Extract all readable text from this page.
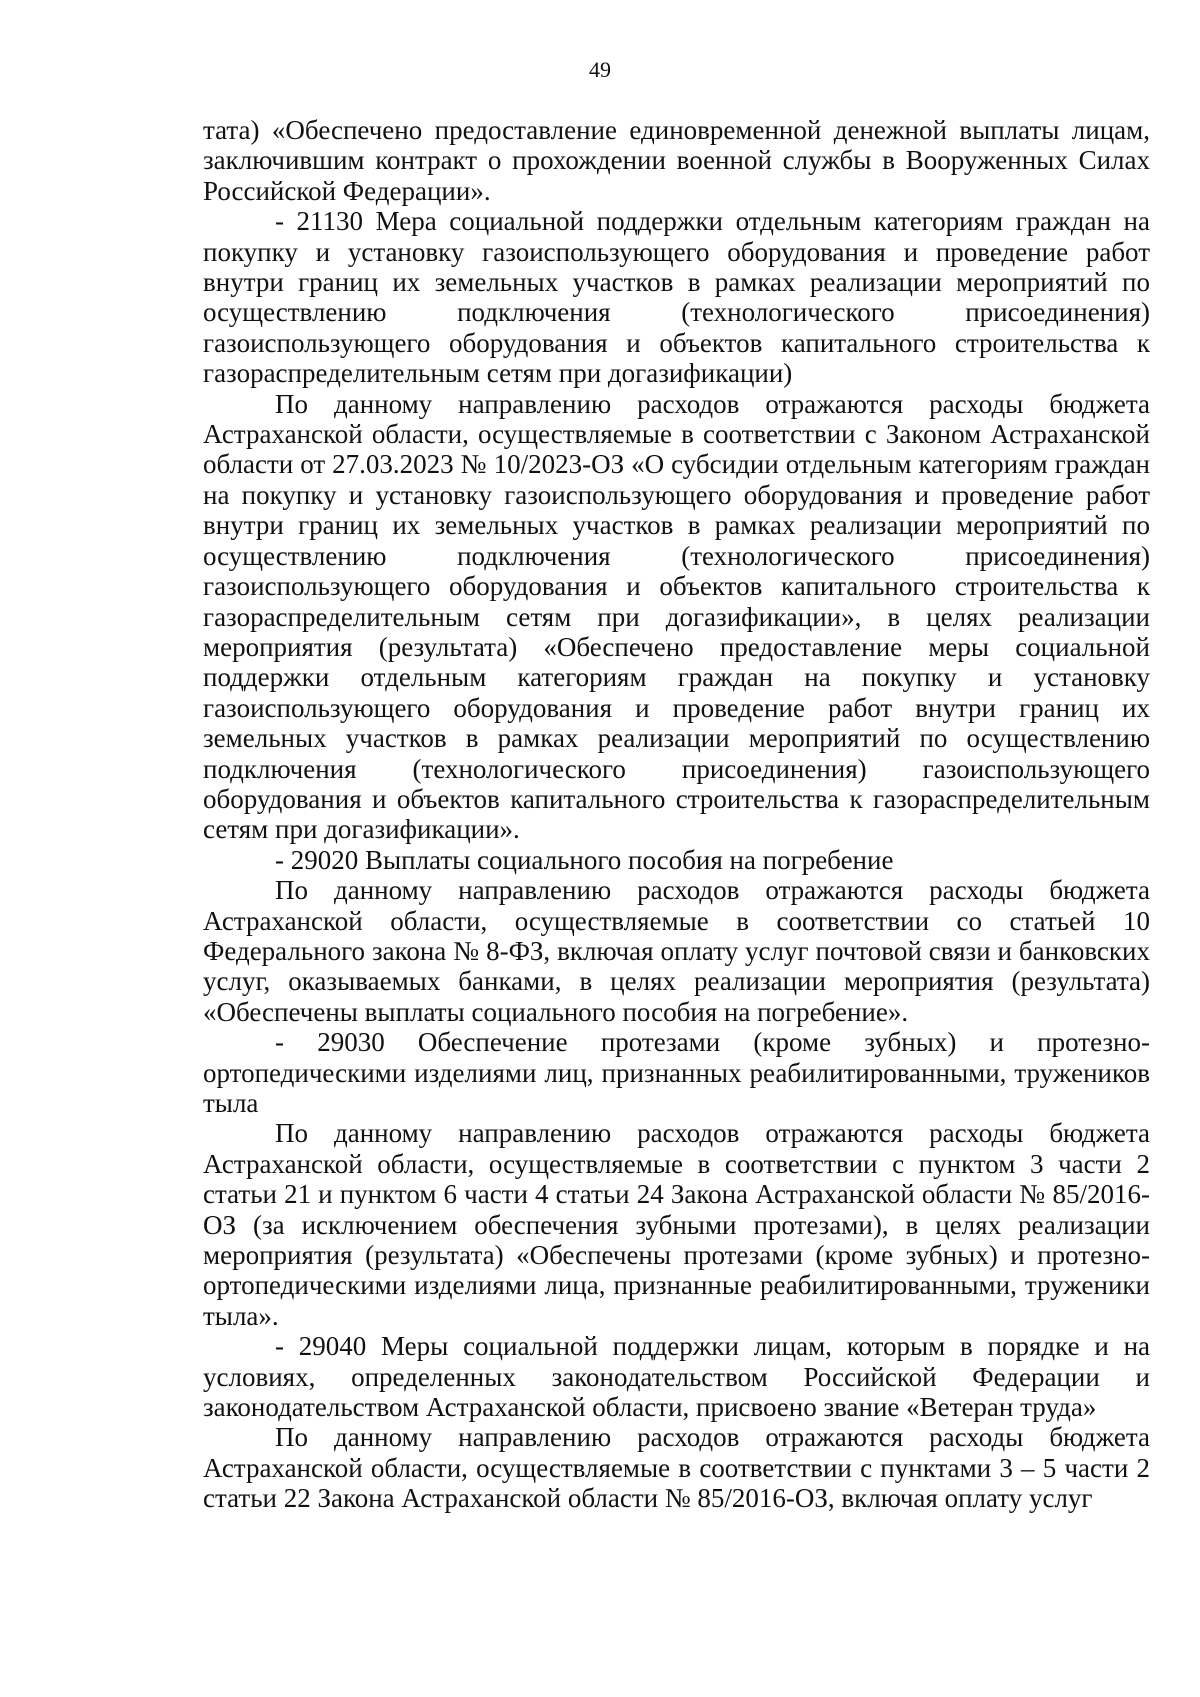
49

тата) «Обеспечено предоставление единовременной денежной выплаты лицам, заключившим контракт о прохождении военной службы в Вооруженных Силах Российской Федерации».

- 21130 Мера социальной поддержки отдельным категориям граждан на покупку и установку газоиспользующего оборудования и проведение работ внутри границ их земельных участков в рамках реализации мероприятий по осуществлению подключения (технологического присоединения) газоиспользующего оборудования и объектов капитального строительства к газораспределительным сетям при догазификации)

По данному направлению расходов отражаются расходы бюджета Астраханской области, осуществляемые в соответствии с Законом Астраханской области от 27.03.2023 № 10/2023-ОЗ «О субсидии отдельным категориям граждан на покупку и установку газоиспользующего оборудования и проведение работ внутри границ их земельных участков в рамках реализации мероприятий по осуществлению подключения (технологического присоединения) газоиспользующего оборудования и объектов капитального строительства к газораспределительным сетям при догазификации», в целях реализации мероприятия (результата) «Обеспечено предоставление меры социальной поддержки отдельным категориям граждан на покупку и установку газоиспользующего оборудования и проведение работ внутри границ их земельных участков в рамках реализации мероприятий по осуществлению подключения (технологического присоединения) газоиспользующего оборудования и объектов капитального строительства к газораспределительным сетям при догазификации».

- 29020 Выплаты социального пособия на погребение

По данному направлению расходов отражаются расходы бюджета Астраханской области, осуществляемые в соответствии со статьей 10 Федерального закона № 8-ФЗ, включая оплату услуг почтовой связи и банковских услуг, оказываемых банками, в целях реализации мероприятия (результата) «Обеспечены выплаты социального пособия на погребение».

- 29030 Обеспечение протезами (кроме зубных) и протезно-ортопедическими изделиями лиц, признанных реабилитированными, тружеников тыла

По данному направлению расходов отражаются расходы бюджета Астраханской области, осуществляемые в соответствии с пунктом 3 части 2 статьи 21 и пунктом 6 части 4 статьи 24 Закона Астраханской области № 85/2016-ОЗ (за исключением обеспечения зубными протезами), в целях реализации мероприятия (результата) «Обеспечены протезами (кроме зубных) и протезно-ортопедическими изделиями лица, признанные реабилитированными, труженики тыла».

- 29040 Меры социальной поддержки лицам, которым в порядке и на условиях, определенных законодательством Российской Федерации и законодательством Астраханской области, присвоено звание «Ветеран труда»

По данному направлению расходов отражаются расходы бюджета Астраханской области, осуществляемые в соответствии с пунктами 3 – 5 части 2 статьи 22 Закона Астраханской области № 85/2016-ОЗ, включая оплату услуг
